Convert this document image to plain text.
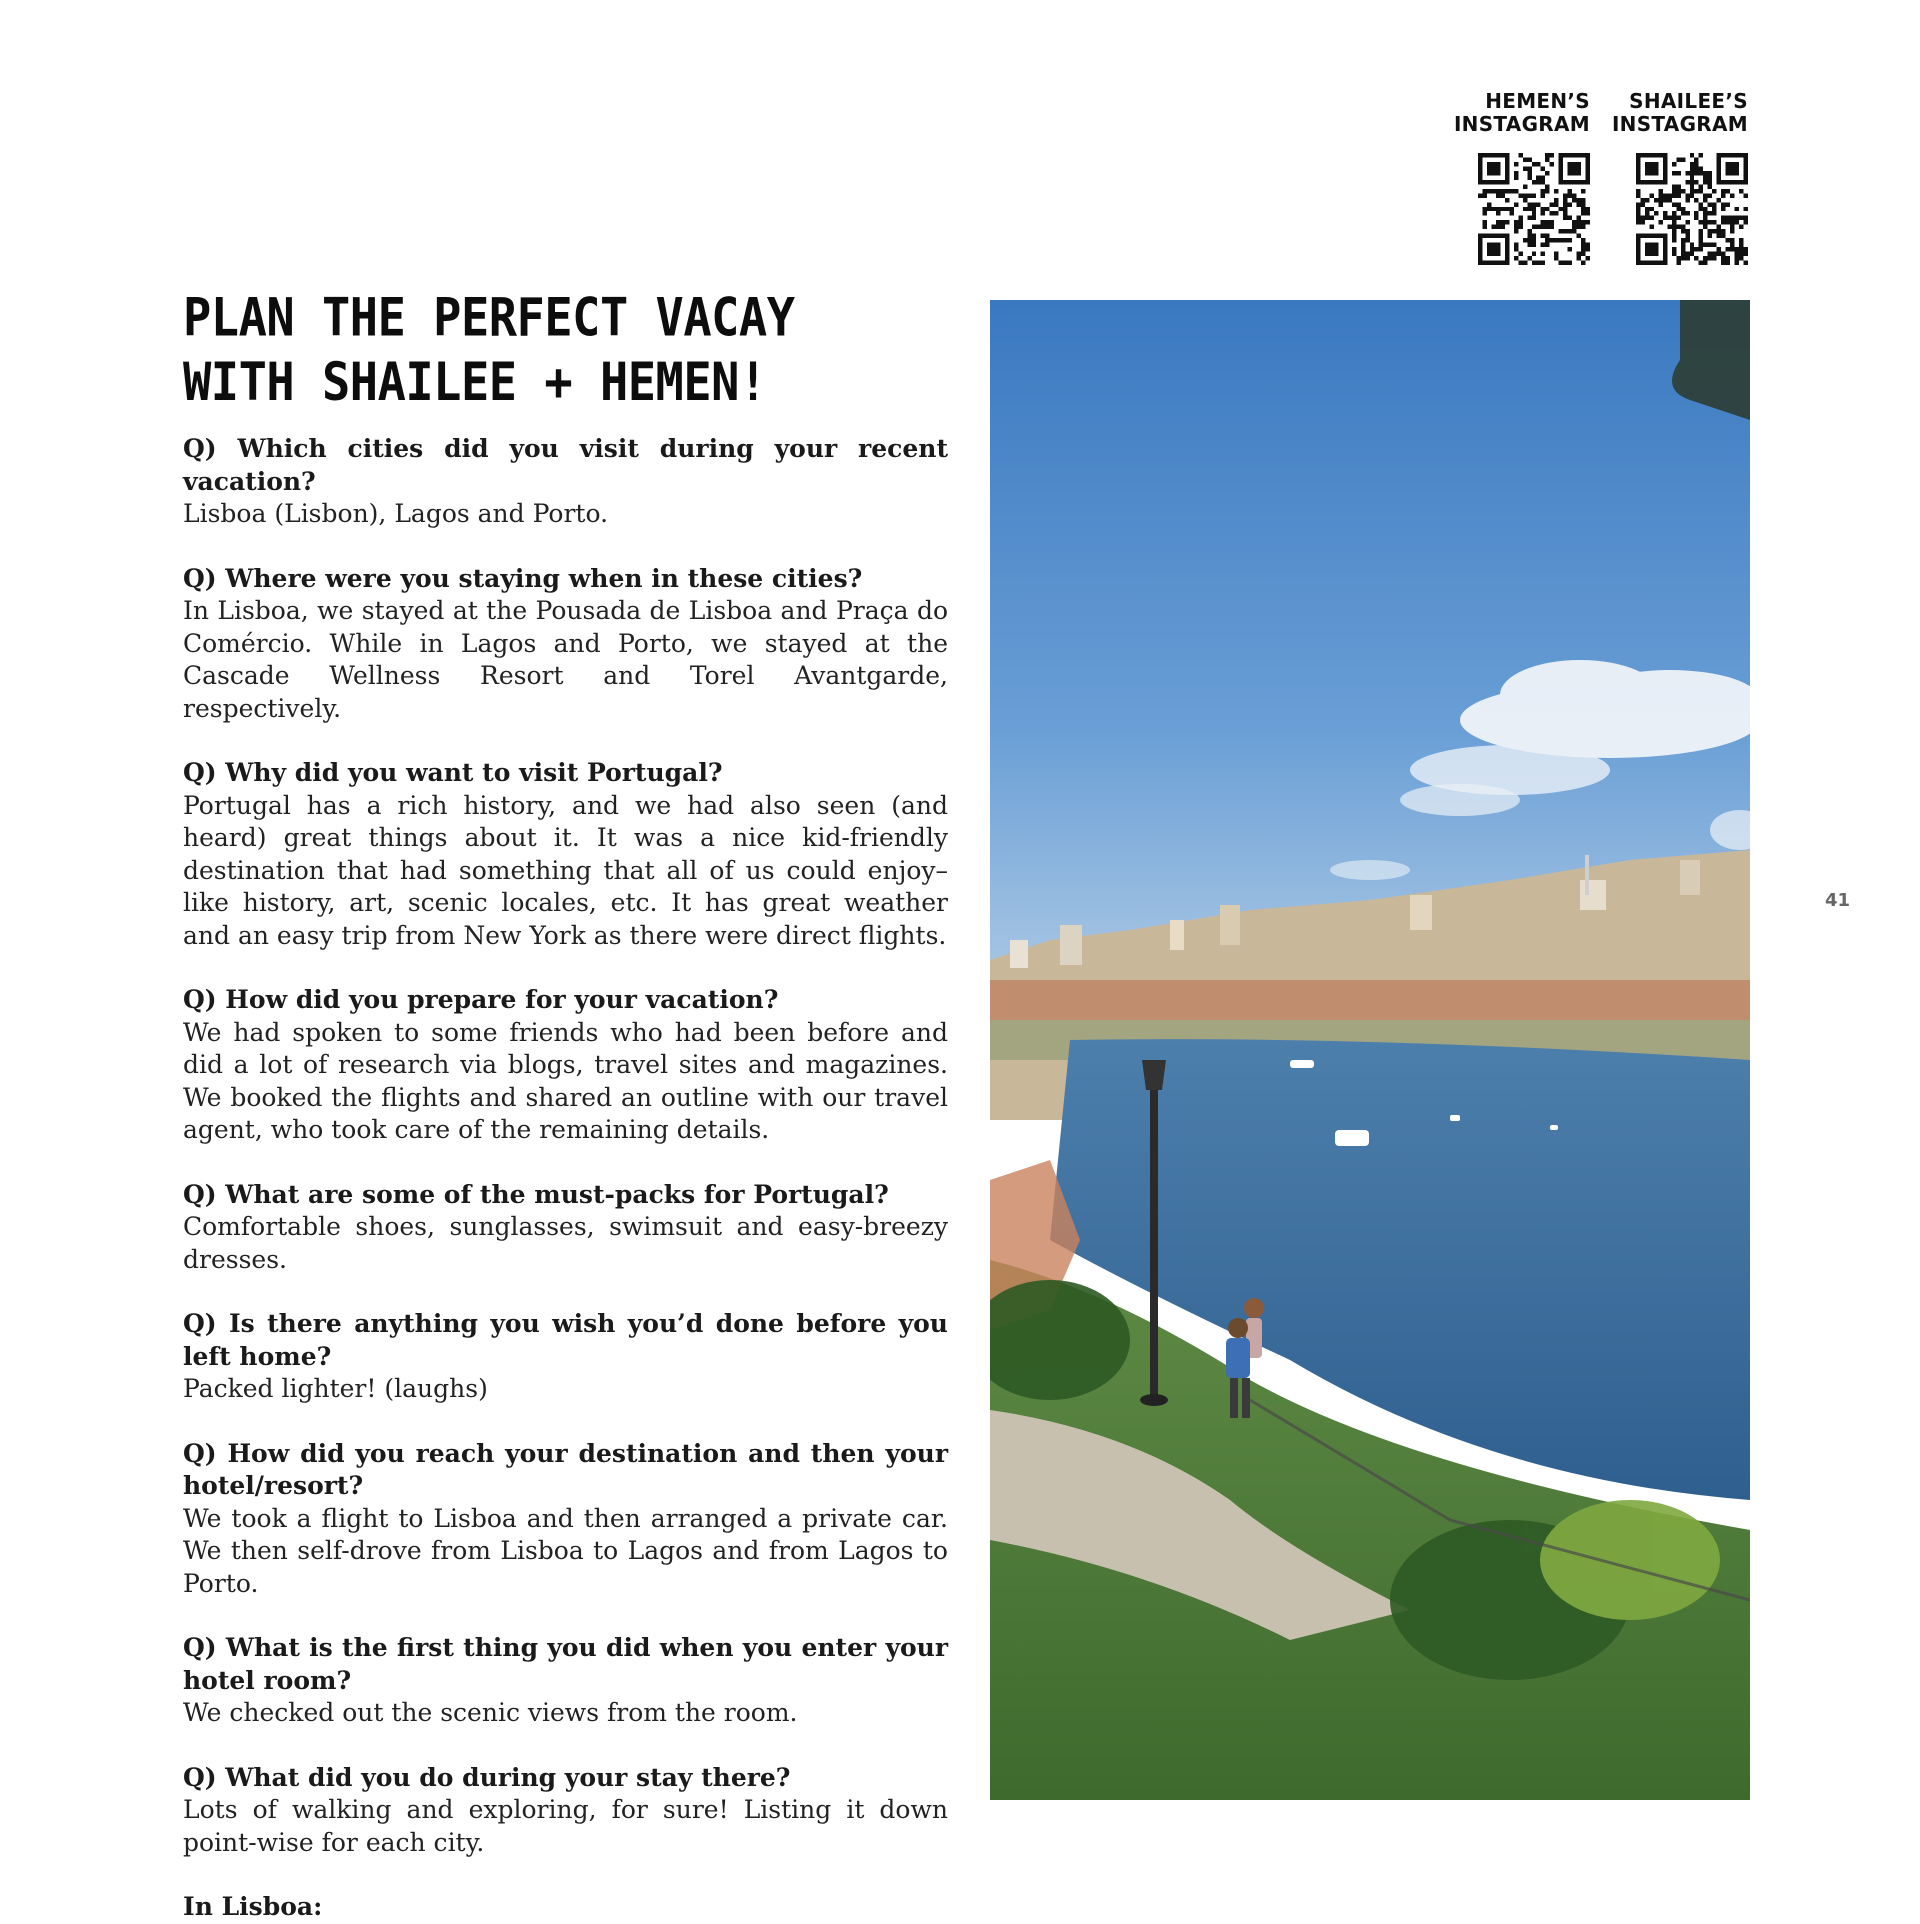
HEMEN’S
INSTAGRAM
SHAILEE’S
INSTAGRAM
PLAN THE PERFECT VACAY
WITH SHAILEE + HEMEN!
Q) Which cities did you visit during your recent vacation?
Lisboa (Lisbon), Lagos and Porto.
Q) Where were you staying when in these cities?
In Lisboa, we stayed at the Pousada de Lisboa and Praça do Comércio. While in Lagos and Porto, we stayed at the Cascade Wellness Resort and Torel Avantgarde, respectively.
Q) Why did you want to visit Portugal?
Portugal has a rich history, and we had also seen (and heard) great things about it. It was a nice kid-friendly destination that had something that all of us could enjoy– like history, art, scenic locales, etc. It has great weather and an easy trip from New York as there were direct flights.
Q) How did you prepare for your vacation?
We had spoken to some friends who had been before and did a lot of research via blogs, travel sites and magazines. We booked the flights and shared an outline with our travel agent, who took care of the remaining details.
Q) What are some of the must-packs for Portugal?
Comfortable shoes, sunglasses, swimsuit and easy-breezy dresses.
Q) Is there anything you wish you’d done before you left home?
Packed lighter! (laughs)
Q) How did you reach your destination and then your hotel/resort?
We took a flight to Lisboa and then arranged a private car. We then self-drove from Lisboa to Lagos and from Lagos to Porto.
Q) What is the first thing you did when you enter your hotel room?
We checked out the scenic views from the room.
Q) What did you do during your stay there?
Lots of walking and exploring, for sure! Listing it down point-wise for each city.
In Lisboa:
41
